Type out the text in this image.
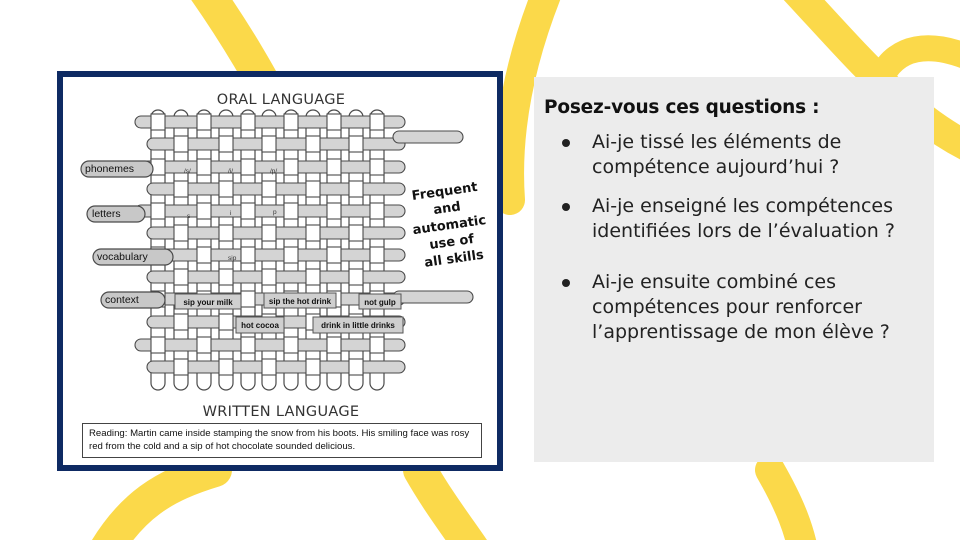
ORAL LANGUAGE
WRITTEN LANGUAGE
phonemes
letters
vocabulary
context
/s/	/i/	/p/
s	i	p
sip
sip your milk	sip the hot drink	not gulp
hot cocoa	drink in little drinks
Frequent
and
automatic
use of
all skills
Reading: Martin came inside stamping the snow from his boots. His smiling face was rosy red from the cold and a sip of hot chocolate sounded delicious.
Posez-vous ces questions :
Ai-je tissé les éléments de compétence aujourd’hui ?
Ai-je enseigné les compétences identifiées lors de l’évaluation ?
Ai-je ensuite combiné ces compétences pour renforcer l’apprentissage de mon élève ?
